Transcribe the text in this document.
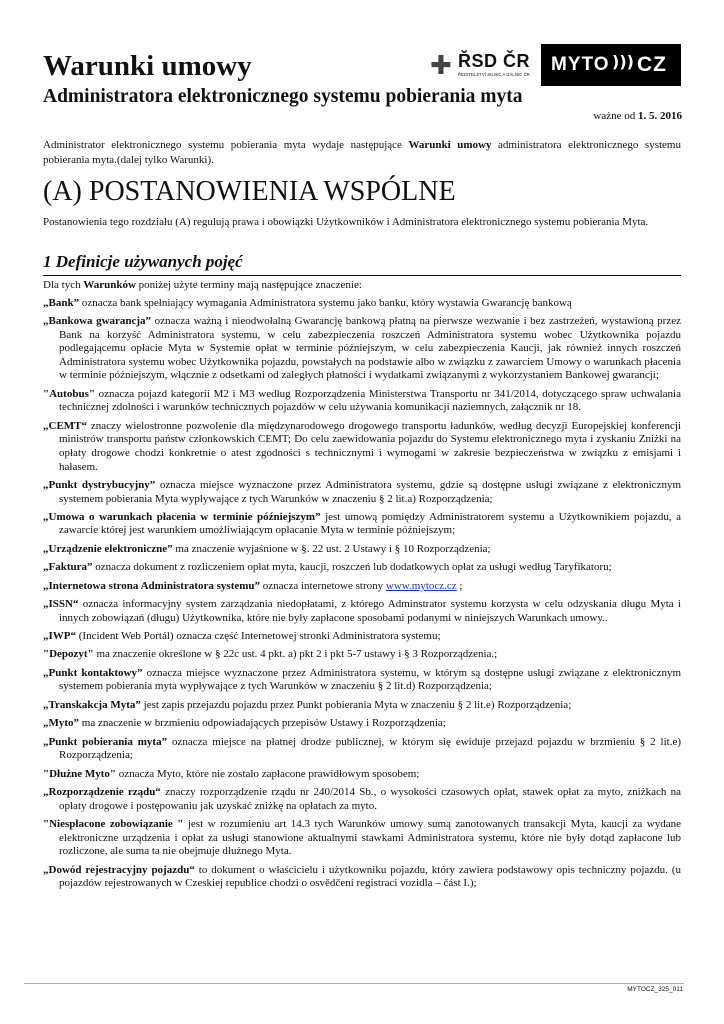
Warunki umowy
Administratora elektronicznego systemu pobierania myta
ważne od 1. 5. 2016
✚ ŘSD ČR
ŘEDITELSTVÍ SILNIC A DÁLNIC ČR MYTO ))) CZ
Administrator elektronicznego systemu pobierania myta wydaje następujące Warunki umowy administratora elektronicznego systemu pobierania myta.(dalej tylko Warunki).
(A) POSTANOWIENIA WSPÓLNE
Postanowienia tego rozdziału (A) regulują prawa i obowiązki Użytkowników i Administratora elektronicznego systemu pobierania Myta.
1 Definicje używanych pojęć

Dla tych Warunków poniżej użyte terminy mają następujące znaczenie:

„Bank” oznacza bank spełniający wymagania Administratora systemu jako banku, który wystawia Gwarancję bankową

„Bankowa gwarancja” oznacza ważną i nieodwołalną Gwarancję bankową płatną na pierwsze wezwanie i bez zastrzeżeń, wystawioną przez Bank na korzyść Administratora systemu, w celu zabezpieczenia roszczeń Administratora systemu wobec Użytkownika pojazdu podlegającemu opłacie Myta w Systemie opłat w terminie późniejszym, w celu zabezpieczenia Kaucji, jak również innych roszczeń Administratora systemu wobec Użytkownika pojazdu, powstałych na podstawie albo w związku z zawarciem Umowy o warunkach płacenia w terminie późniejszym, włącznie z odsetkami od zaległych płatności i wydatkami związanymi z wykorzystaniem Bankowej gwarancji;

"Autobus" oznacza pojazd kategorii M2 i M3 według Rozporządzenia Ministerstwa Transportu nr 341/2014, dotyczącego spraw uchwalania technicznej zdolności i warunków technicznych pojazdów w celu używania komunikacji naziemnych, załącznik nr 18.

„CEMT“ znaczy wielostronne pozwolenie dla międzynarodowego drogowego transportu ładunków, według decyzji Europejskiej konferencji ministrów transportu państw członkowskich CEMT; Do celu zaewidowania pojazdu do Systemu elektronicznego myta i zyskaniu Zniżki na opłaty drogowe chodzi konkretnie o atest zgodności s technicznymi i wymogami w zakresie bezpieczeństwa w związku z emisjami i hałasem.

„Punkt dystrybucyjny” oznacza miejsce wyznaczone przez Administratora systemu, gdzie są dostępne usługi związane z elektronicznym systemem pobierania Myta wypływające z tych Warunków w znaczeniu § 2 lit.a) Rozporządzenia;

„Umowa o warunkach płacenia w terminie późniejszym” jest umową pomiędzy Administratorem systemu a Użytkownikiem pojazdu, a zawarcie której jest warunkiem umożliwiającym opłacanie Myta w terminie późniejszym;

„Urządzenie elektroniczne” ma znaczenie wyjaśnione w §. 22 ust. 2 Ustawy i § 10 Rozporządzenia;

„Faktura” oznacza dokument z rozliczeniem opłat myta, kaucji, roszczeń lub dodatkowych opłat za usługi według Taryfikatoru;

„Internetowa strona Administratora systemu” oznacza internetowe strony www.mytocz.cz ;

„ISSN“ oznacza informacyjny system zarządzania niedopłatami, z którego Adminstrator systemu korzysta w celu odzyskania długu Myta i innych zobowiązań (długu) Użytkownika, które nie były zapłacone sposobami podanymi w niniejszych Warunkach umowy..

„IWP“ (Incident Web Portál) oznacza część Internetowej stronki Administratora systemu;

"Depozyt" ma znaczenie określone w § 22c ust. 4 pkt. a) pkt 2 i pkt 5-7 ustawy i § 3 Rozporządzenia.;

„Punkt kontaktowy” oznacza miejsce wyznaczone przez Administratora systemu, w którym są dostępne usługi związane z elektronicznym systemem pobierania myta wypływające z tych Warunków w znaczeniu § 2 lit.d) Rozporządzenia;

„Transkakcja Myta” jest zapis przejazdu pojazdu przez Punkt pobierania Myta w znaczeniu § 2 lit.e) Rozporządzenia;

„Myto” ma znaczenie w brzmieniu odpowiadających przepisów Ustawy i Rozporządzenia;

„Punkt pobierania myta” oznacza miejsce na płatnej drodze publicznej, w którym się ewiduje przejazd pojazdu w brzmieniu § 2 lit.e) Rozporządzenia;

"Dłużne Myto" oznacza Myto, które nie zostało zapłacone prawidłowym sposobem;

„Rozporządzenie rządu“ znaczy rozporządzenie rządu nr 240/2014 Sb., o wysokości czasowych opłat, stawek opłat za myto, zniżkach na opłaty drogowe i postępowaniu jak uzyskać zniżkę na opłatach za myto.

"Niespłacone zobowiązanie " jest w rozumieniu art 14.3 tych Warunków umowy sumą zanotowanych transakcji Myta, kaucji za wydane elektroniczne urządzenia i opłat za usługi stanowione aktualnymi stawkami Administratora systemu, które nie były dotąd zapłacone lub rozliczone, ale suma ta nie obejmuje dłużnego Myta.

„Dowód rejestracyjny pojazdu“ to dokument o właścicielu i użytkowniku pojazdu, który zawiera podstawowy opis techniczny pojazdu. (u pojazdów rejestrowanych w Czeskiej republice chodzi o osvědčení registraci vozidla – část I.);

MYTOCZ_325_011
